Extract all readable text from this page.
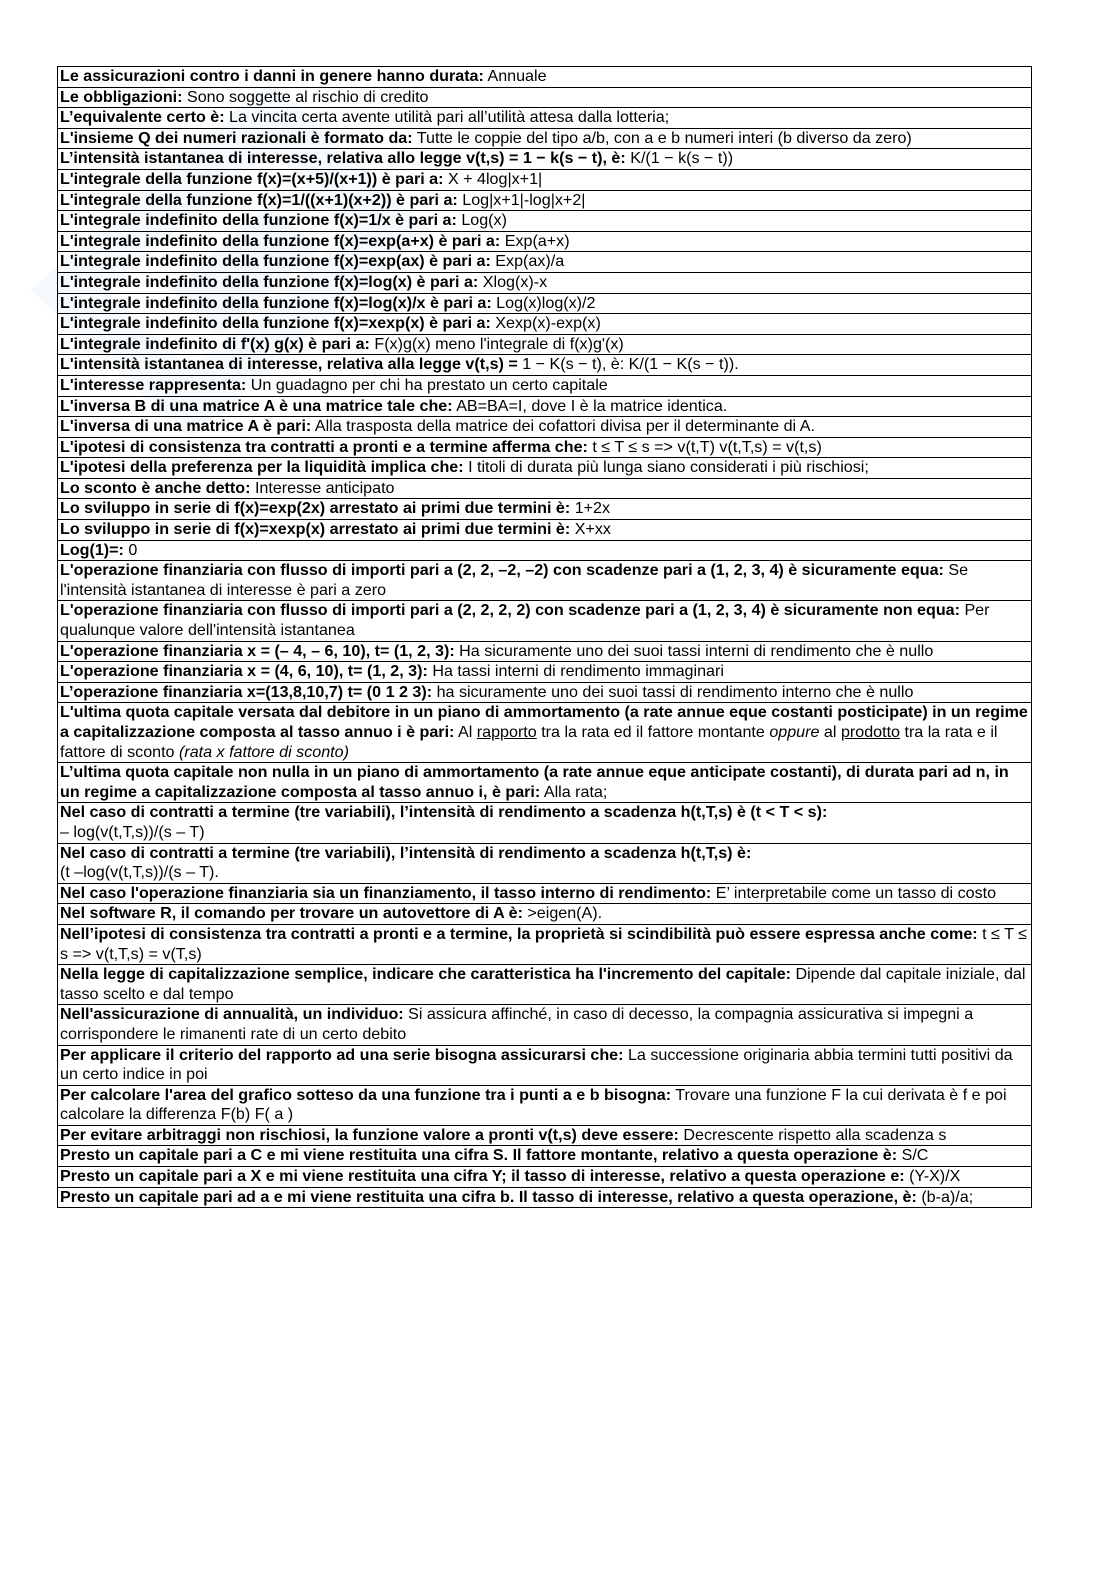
Le assicurazioni contro i danni in genere hanno durata: Annuale
Le obbligazioni: Sono soggette al rischio di credito
L’equivalente certo è: La vincita certa avente utilità pari all’utilità attesa dalla lotteria;
L'insieme Q dei numeri razionali è formato da: Tutte le coppie del tipo a/b, con a e b numeri interi (b diverso da zero)
L’intensità istantanea di interesse, relativa allo legge v(t,s) = 1 − k(s − t), è: K/(1 − k(s − t))
L'integrale della funzione f(x)=(x+5)/(x+1)) è pari a: X + 4log|x+1|
L'integrale della funzione f(x)=1/((x+1)(x+2)) è pari a: Log|x+1|-log|x+2|
L'integrale indefinito della funzione f(x)=1/x è pari a: Log(x)
L'integrale indefinito della funzione f(x)=exp(a+x) è pari a: Exp(a+x)
L'integrale indefinito della funzione f(x)=exp(ax) è pari a: Exp(ax)/a
L'integrale indefinito della funzione f(x)=log(x) è pari a: Xlog(x)-x
L'integrale indefinito della funzione f(x)=log(x)/x è pari a: Log(x)log(x)/2
L'integrale indefinito della funzione f(x)=xexp(x) è pari a: Xexp(x)-exp(x)
L'integrale indefinito di f'(x) g(x) è pari a: F(x)g(x) meno l'integrale di f(x)g'(x)
L'intensità istantanea di interesse, relativa alla legge v(t,s) = 1 − K(s − t), è: K/(1 − K(s − t)).
L'interesse rappresenta: Un guadagno per chi ha prestato un certo capitale
L'inversa B di una matrice A è una matrice tale che: AB=BA=I, dove I è la matrice identica.
L'inversa di una matrice A è pari: Alla trasposta della matrice dei cofattori divisa per il determinante di A.
L'ipotesi di consistenza tra contratti a pronti e a termine afferma che: t ≤ T ≤ s => v(t,T) v(t,T,s) = v(t,s)
L'ipotesi della preferenza per la liquidità implica che: I titoli di durata più lunga siano considerati i più rischiosi;
Lo sconto è anche detto: Interesse anticipato
Lo sviluppo in serie di f(x)=exp(2x) arrestato ai primi due termini è: 1+2x
Lo sviluppo in serie di f(x)=xexp(x) arrestato ai primi due termini è: X+xx
Log(1)=: 0
L'operazione finanziaria con flusso di importi pari a (2, 2, –2, –2) con scadenze pari a (1, 2, 3, 4) è sicuramente equa: Se l'intensità istantanea di interesse è pari a zero
L'operazione finanziaria con flusso di importi pari a (2, 2, 2, 2) con scadenze pari a (1, 2, 3, 4) è sicuramente non equa: Per qualunque valore dell'intensità istantanea
L'operazione finanziaria x = (– 4, – 6, 10), t= (1, 2, 3): Ha sicuramente uno dei suoi tassi interni di rendimento che è nullo
L'operazione finanziaria x = (4, 6, 10), t= (1, 2, 3): Ha tassi interni di rendimento immaginari
L’operazione finanziaria x=(13,8,10,7) t= (0 1 2 3): ha sicuramente uno dei suoi tassi di rendimento interno che è nullo
L'ultima quota capitale versata dal debitore in un piano di ammortamento (a rate annue eque costanti posticipate) in un regime a capitalizzazione composta al tasso annuo i è pari: Al rapporto tra la rata ed il fattore montante oppure al prodotto tra la rata e il fattore di sconto (rata x fattore di sconto)
L’ultima quota capitale non nulla in un piano di ammortamento (a rate annue eque anticipate costanti), di durata pari ad n, in un regime a capitalizzazione composta al tasso annuo i, è pari: Alla rata;
Nel caso di contratti a termine (tre variabili), l’intensità di rendimento a scadenza h(t,T,s) è (t < T < s):
– log(v(t,T,s))/(s – T)
Nel caso di contratti a termine (tre variabili), l’intensità di rendimento a scadenza h(t,T,s) è:
(t –log(v(t,T,s))/(s – T).
Nel caso l'operazione finanziaria sia un finanziamento, il tasso interno di rendimento: E’ interpretabile come un tasso di costo
Nel software R, il comando per trovare un autovettore di A è: >eigen(A).
Nell’ipotesi di consistenza tra contratti a pronti e a termine, la proprietà si scindibilità può essere espressa anche come: t ≤ T ≤ s => v(t,T,s) = v(T,s)
Nella legge di capitalizzazione semplice, indicare che caratteristica ha l'incremento del capitale: Dipende dal capitale iniziale, dal tasso scelto e dal tempo
Nell'assicurazione di annualità, un individuo: Si assicura affinché, in caso di decesso, la compagnia assicurativa si impegni a corrispondere le rimanenti rate di un certo debito
Per applicare il criterio del rapporto ad una serie bisogna assicurarsi che: La successione originaria abbia termini tutti positivi da un certo indice in poi
Per calcolare l'area del grafico sotteso da una funzione tra i punti a e b bisogna: Trovare una funzione F la cui derivata è f e poi calcolare la differenza F(b) F( a )
Per evitare arbitraggi non rischiosi, la funzione valore a pronti v(t,s) deve essere: Decrescente rispetto alla scadenza s
Presto un capitale pari a C e mi viene restituita una cifra S. Il fattore montante, relativo a questa operazione è: S/C
Presto un capitale pari a X e mi viene restituita una cifra Y; il tasso di interesse, relativo a questa operazione e: (Y-X)/X
Presto un capitale pari ad a e mi viene restituita una cifra b. Il tasso di interesse, relativo a questa operazione, è: (b-a)/a;
